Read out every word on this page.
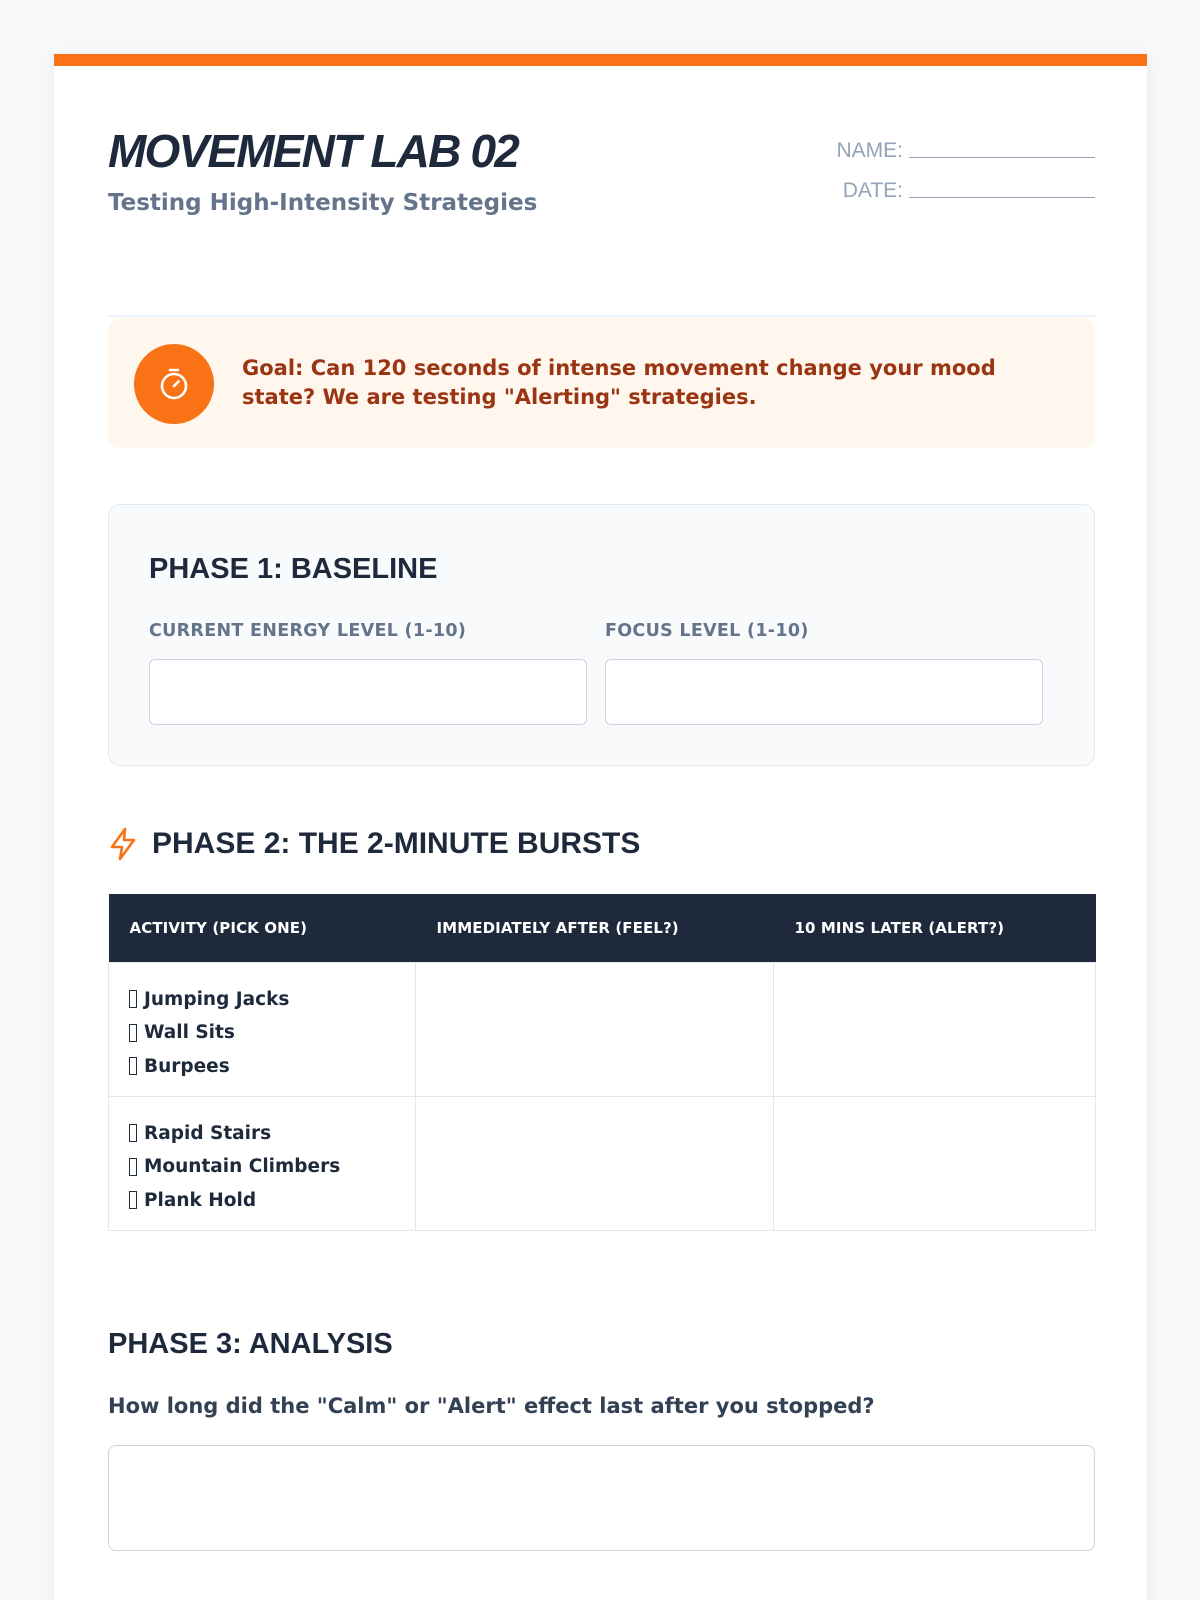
MOVEMENT LAB 02
Testing High-Intensity Strategies
NAME:
DATE:
Goal: Can 120 seconds of intense movement change your mood state? We are testing "Alerting" strategies.
PHASE 1: BASELINE
CURRENT ENERGY LEVEL (1-10)	FOCUS LEVEL (1-10)
PHASE 2: THE 2-MINUTE BURSTS
ACTIVITY (PICK ONE)	IMMEDIATELY AFTER (FEEL?)	10 MINS LATER (ALERT?)

Jumping Jacks
Wall Sits
Burpees		

Rapid Stairs
Mountain Climbers
Plank Hold		

PHASE 3: ANALYSIS
How long did the "Calm" or "Alert" effect last after you stopped?
